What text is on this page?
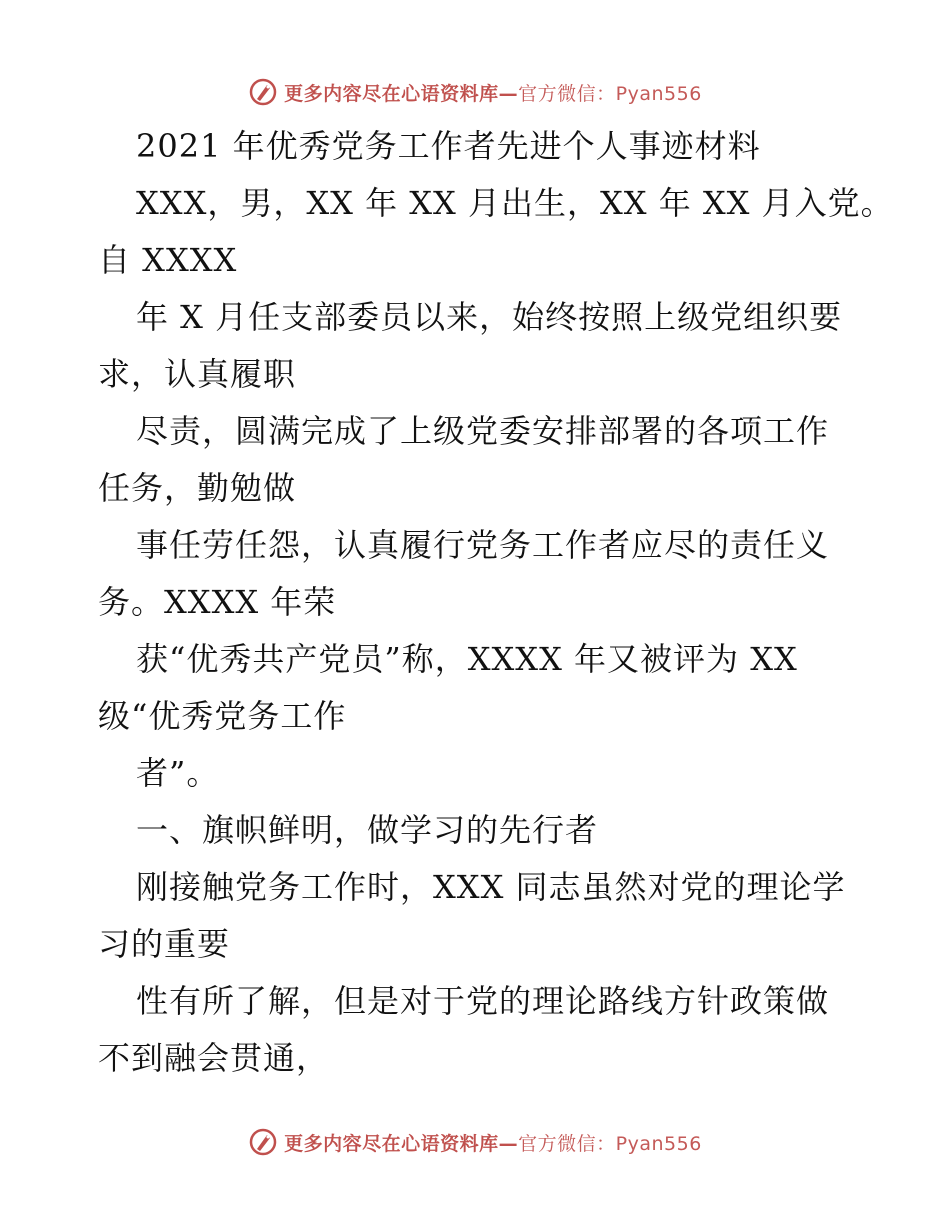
更多内容尽在心语资料库—官方微信：Pyan556
2021 年优秀党务工作者先进个人事迹材料
XXX，男，XX 年 XX 月出生，XX 年 XX 月入党。
自 XXXX
年 X 月任支部委员以来，始终按照上级党组织要
求，认真履职
尽责，圆满完成了上级党委安排部署的各项工作
任务，勤勉做
事任劳任怨，认真履行党务工作者应尽的责任义
务。XXXX 年荣
获“优秀共产党员”称，XXXX 年又被评为 XX
级“优秀党务工作
者”。
一、旗帜鲜明，做学习的先行者
刚接触党务工作时，XXX 同志虽然对党的理论学
习的重要
性有所了解，但是对于党的理论路线方针政策做
不到融会贯通，
更多内容尽在心语资料库—官方微信：Pyan556
